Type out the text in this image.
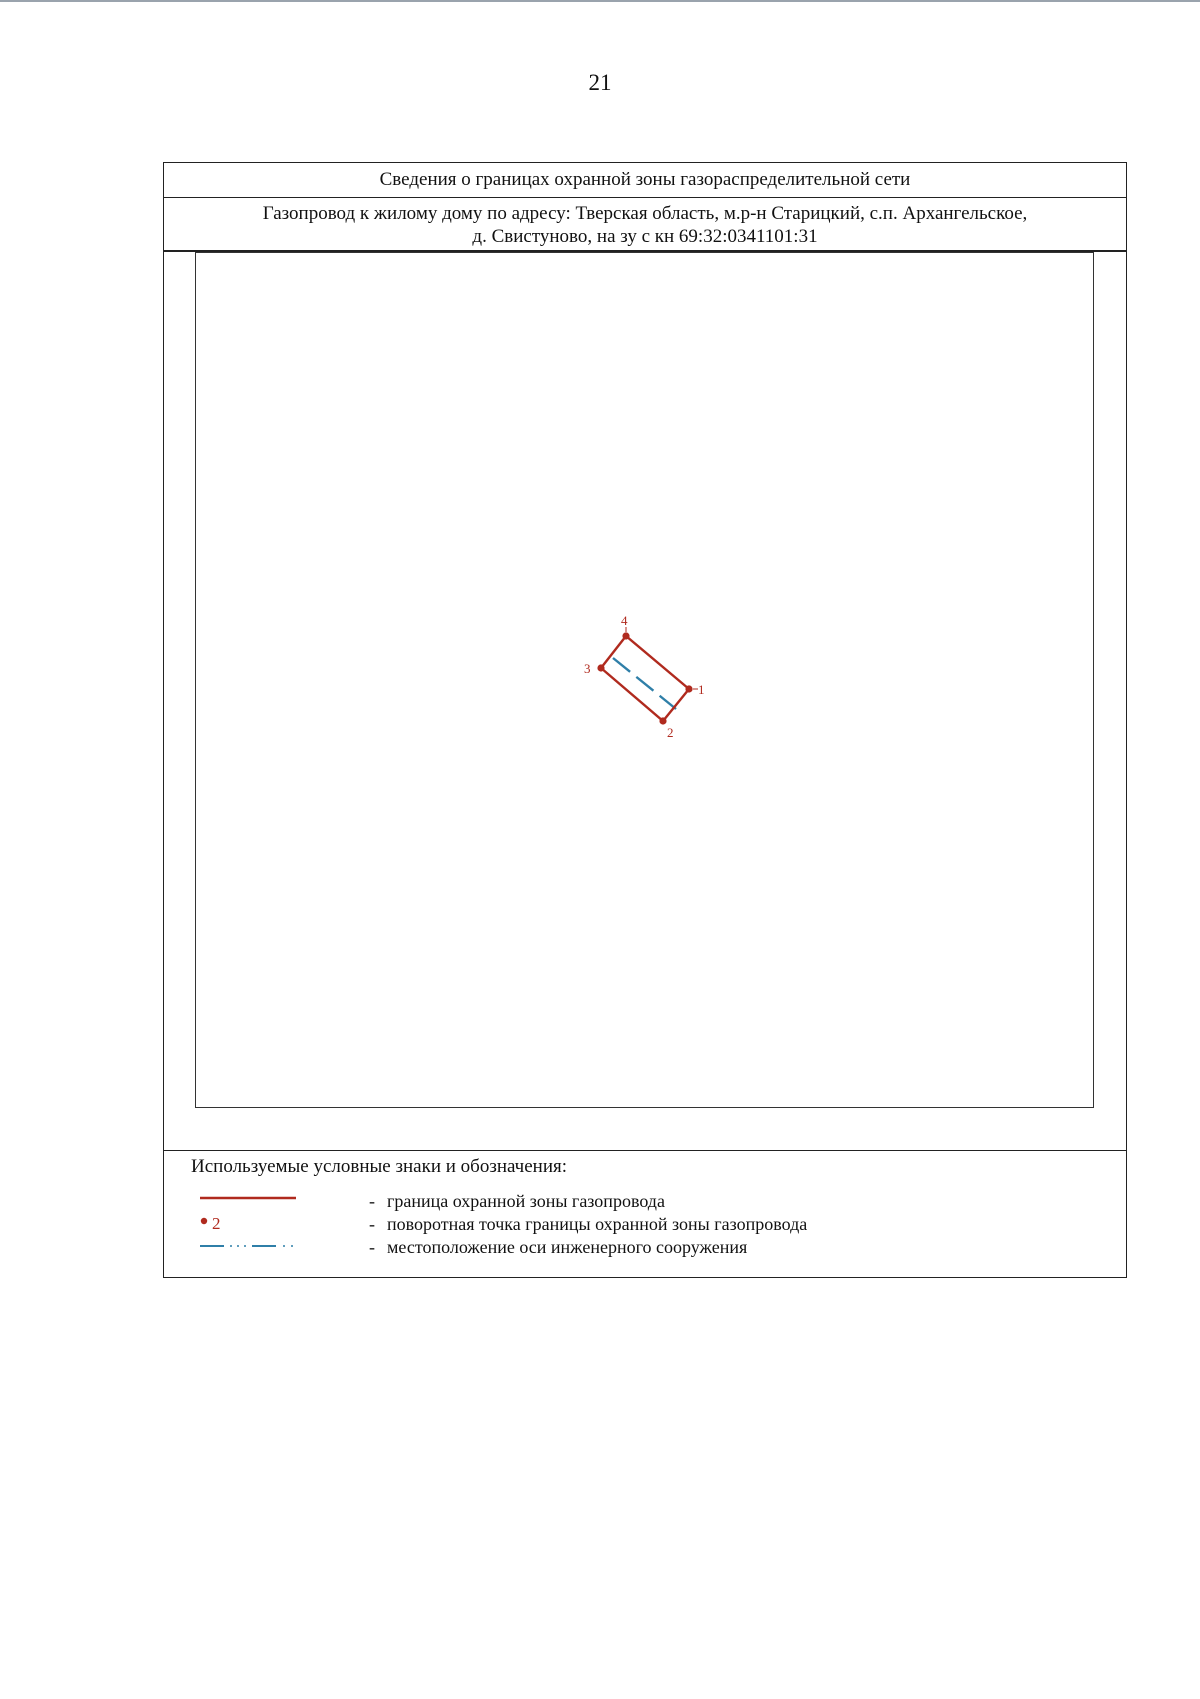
21
Сведения о границах охранной зоны газораспределительной сети
Газопровод к жилому дому по адресу: Тверская область, м.р-н Старицкий, с.п. Архангельское,
д. Свистуново, на зу с кн 69:32:0341101:31
1
2
3
4
Используемые условные знаки и обозначения:
- граница охранной зоны газопровода
2	- поворотная точка границы охранной зоны газопровода
- местоположение оси инженерного сооружения
